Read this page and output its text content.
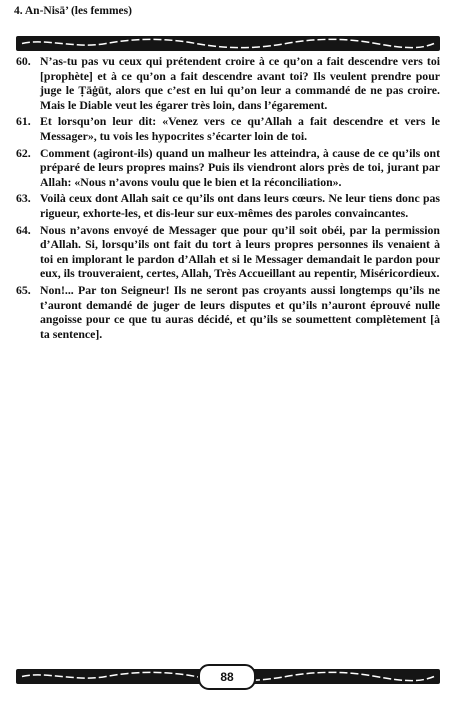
4. An-Nisā’ (les femmes)
60. N’as-tu pas vu ceux qui prétendent croire à ce qu’on a fait descendre vers toi [prophète] et à ce qu’on a fait descendre avant toi? Ils veulent prendre pour juge le Ṭāġūt, alors que c’est en lui qu’on leur a commandé de ne pas croire. Mais le Diable veut les égarer très loin, dans l’égarement.
61. Et lorsqu’on leur dit: «Venez vers ce qu’Allah a fait descendre et vers le Messager», tu vois les hypocrites s’écarter loin de toi.
62. Comment (agiront-ils) quand un malheur les atteindra, à cause de ce qu’ils ont préparé de leurs propres mains? Puis ils viendront alors près de toi, jurant par Allah: «Nous n’avons voulu que le bien et la réconciliation».
63. Voilà ceux dont Allah sait ce qu’ils ont dans leurs cœurs. Ne leur tiens donc pas rigueur, exhorte-les, et dis-leur sur eux-mêmes des paroles convaincantes.
64. Nous n’avons envoyé de Messager que pour qu’il soit obéi, par la permission d’Allah. Si, lorsqu’ils ont fait du tort à leurs propres personnes ils venaient à toi en implorant le pardon d’Allah et si le Messager demandait le pardon pour eux, ils trouveraient, certes, Allah, Très Accueillant au repentir, Miséricordieux.
65. Non!... Par ton Seigneur! Ils ne seront pas croyants aussi longtemps qu’ils ne t’auront demandé de juger de leurs disputes et qu’ils n’auront éprouvé nulle angoisse pour ce que tu auras décidé, et qu’ils se soumettent complètement [à ta sentence].
88
